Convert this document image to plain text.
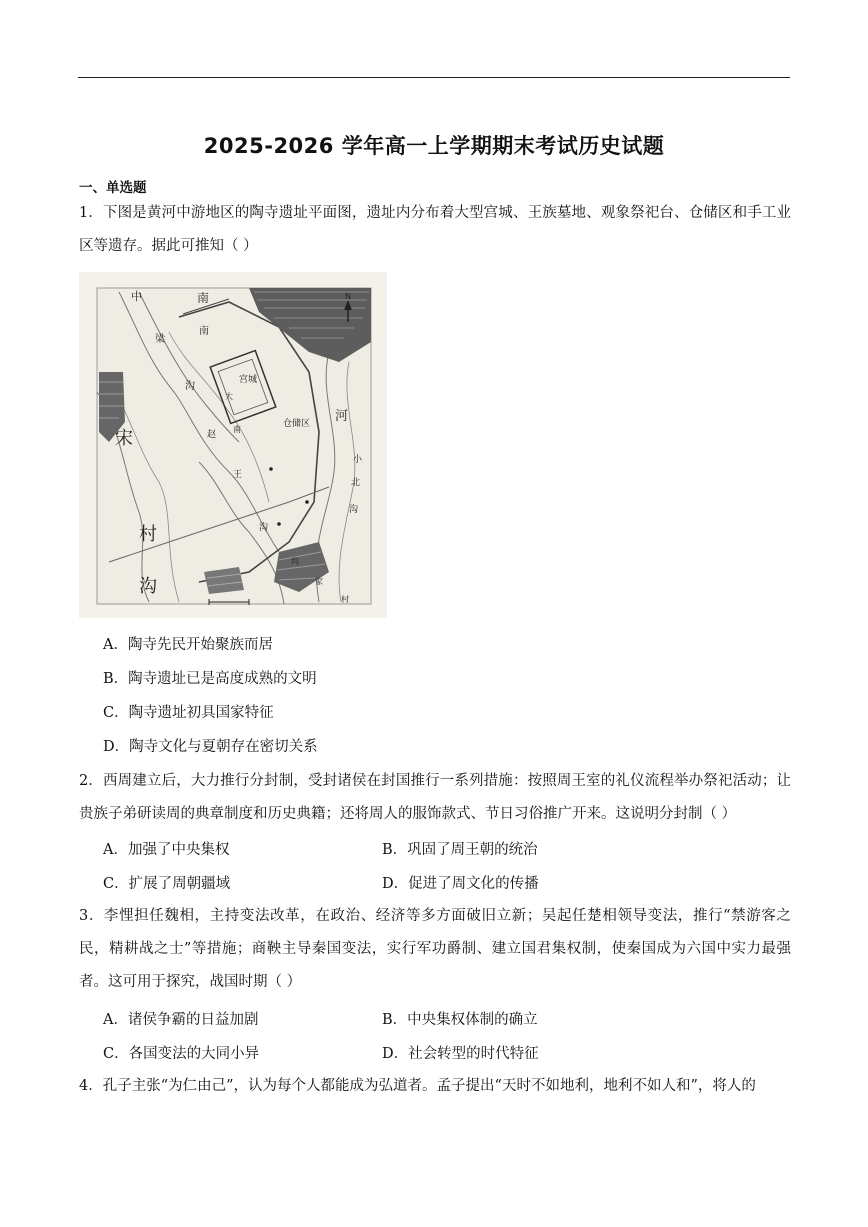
2025-2026 学年高一上学期期末考试历史试题
一、单选题
1．下图是黄河中游地区的陶寺遗址平面图，遗址内分布着大型宫城、王族墓地、观象祭祀台、仓储区和手工业区等遗存。据此可推知（ ）
N
宋
村
沟
中	南
梁
南
沟
宫城
仓储区 河
小
北
沟
赵
王
沟
大
南
坞
家
村
A．陶寺先民开始聚族而居
B．陶寺遗址已是高度成熟的文明
C．陶寺遗址初具国家特征
D．陶寺文化与夏朝存在密切关系
2．西周建立后，大力推行分封制，受封诸侯在封国推行一系列措施：按照周王室的礼仪流程举办祭祀活动；让贵族子弟研读周的典章制度和历史典籍；还将周人的服饰款式、节日习俗推广开来。这说明分封制（ ）
A．加强了中央集权	B．巩固了周王朝的统治
C．扩展了周朝疆域	D．促进了周文化的传播
3．李悝担任魏相，主持变法改革，在政治、经济等多方面破旧立新；吴起任楚相领导变法，推行“禁游客之民，精耕战之士”等措施；商鞅主导秦国变法，实行军功爵制、建立国君集权制，使秦国成为六国中实力最强者。这可用于探究，战国时期（ ）
A．诸侯争霸的日益加剧	B．中央集权体制的确立
C．各国变法的大同小异	D．社会转型的时代特征
4．孔子主张“为仁由己”，认为每个人都能成为弘道者。孟子提出“天时不如地利，地利不如人和”，将人的
